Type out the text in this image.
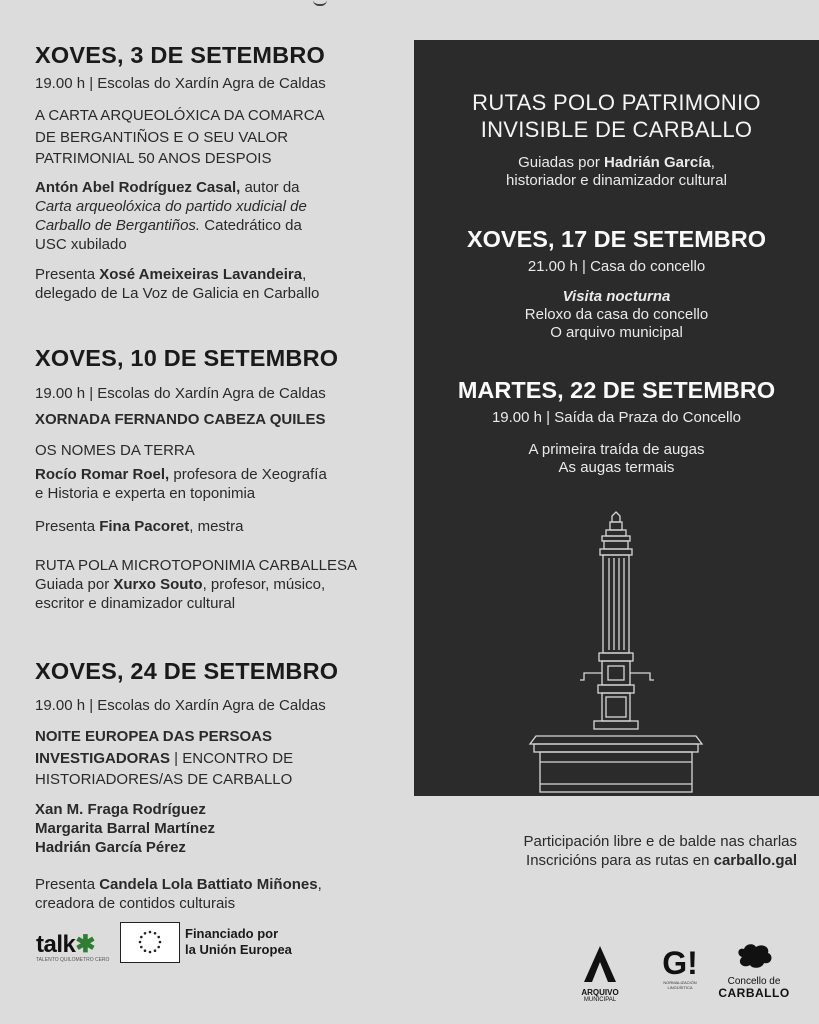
XOVES, 3 DE SETEMBRO
19.00 h | Escolas do Xardín Agra de Caldas
A CARTA ARQUEOLÓXICA DA COMARCA
DE BERGANTIÑOS E O SEU VALOR
PATRIMONIAL 50 ANOS DESPOIS
Antón Abel Rodríguez Casal, autor da
Carta arqueolóxica do partido xudicial de
Carballo de Bergantiños. Catedrático da
USC xubilado
Presenta Xosé Ameixeiras Lavandeira,
delegado de La Voz de Galicia en Carballo
XOVES, 10 DE SETEMBRO
19.00 h | Escolas do Xardín Agra de Caldas
XORNADA FERNANDO CABEZA QUILES
OS NOMES DA TERRA
Rocío Romar Roel, profesora de Xeografía
e Historia e experta en toponimia
Presenta Fina Pacoret, mestra
RUTA POLA MICROTOPONIMIA CARBALLESA
Guiada por Xurxo Souto, profesor, músico,
escritor e dinamizador cultural
XOVES, 24 DE SETEMBRO
19.00 h | Escolas do Xardín Agra de Caldas
NOITE EUROPEA DAS PERSOAS
INVESTIGADORAS | ENCONTRO DE
HISTORIADORES/AS DE CARBALLO
Xan M. Fraga Rodríguez
Margarita Barral Martínez
Hadrián García Pérez
Presenta Candela Lola Battiato Miñones,
creadora de contidos culturais
RUTAS POLO PATRIMONIO
INVISIBLE DE CARBALLO
Guiadas por Hadrián García,
historiador e dinamizador cultural
XOVES, 17 DE SETEMBRO
21.00 h | Casa do concello
Visita nocturna
Reloxo da casa do concello
O arquivo municipal
MARTES, 22 DE SETEMBRO
19.00 h | Saída da Praza do Concello
A primeira traída de augas
As augas termais
Participación libre e de balde nas charlas
Inscricións para as rutas en carballo.gal
talk✱
TALENTO QUILOMETRO CERO
Financiado por
la Unión Europea
ARQUIVO
MUNICIPAL
G!
NORMALIZACIÓN LINGÜÍSTICA
Concello de
CARBALLO
